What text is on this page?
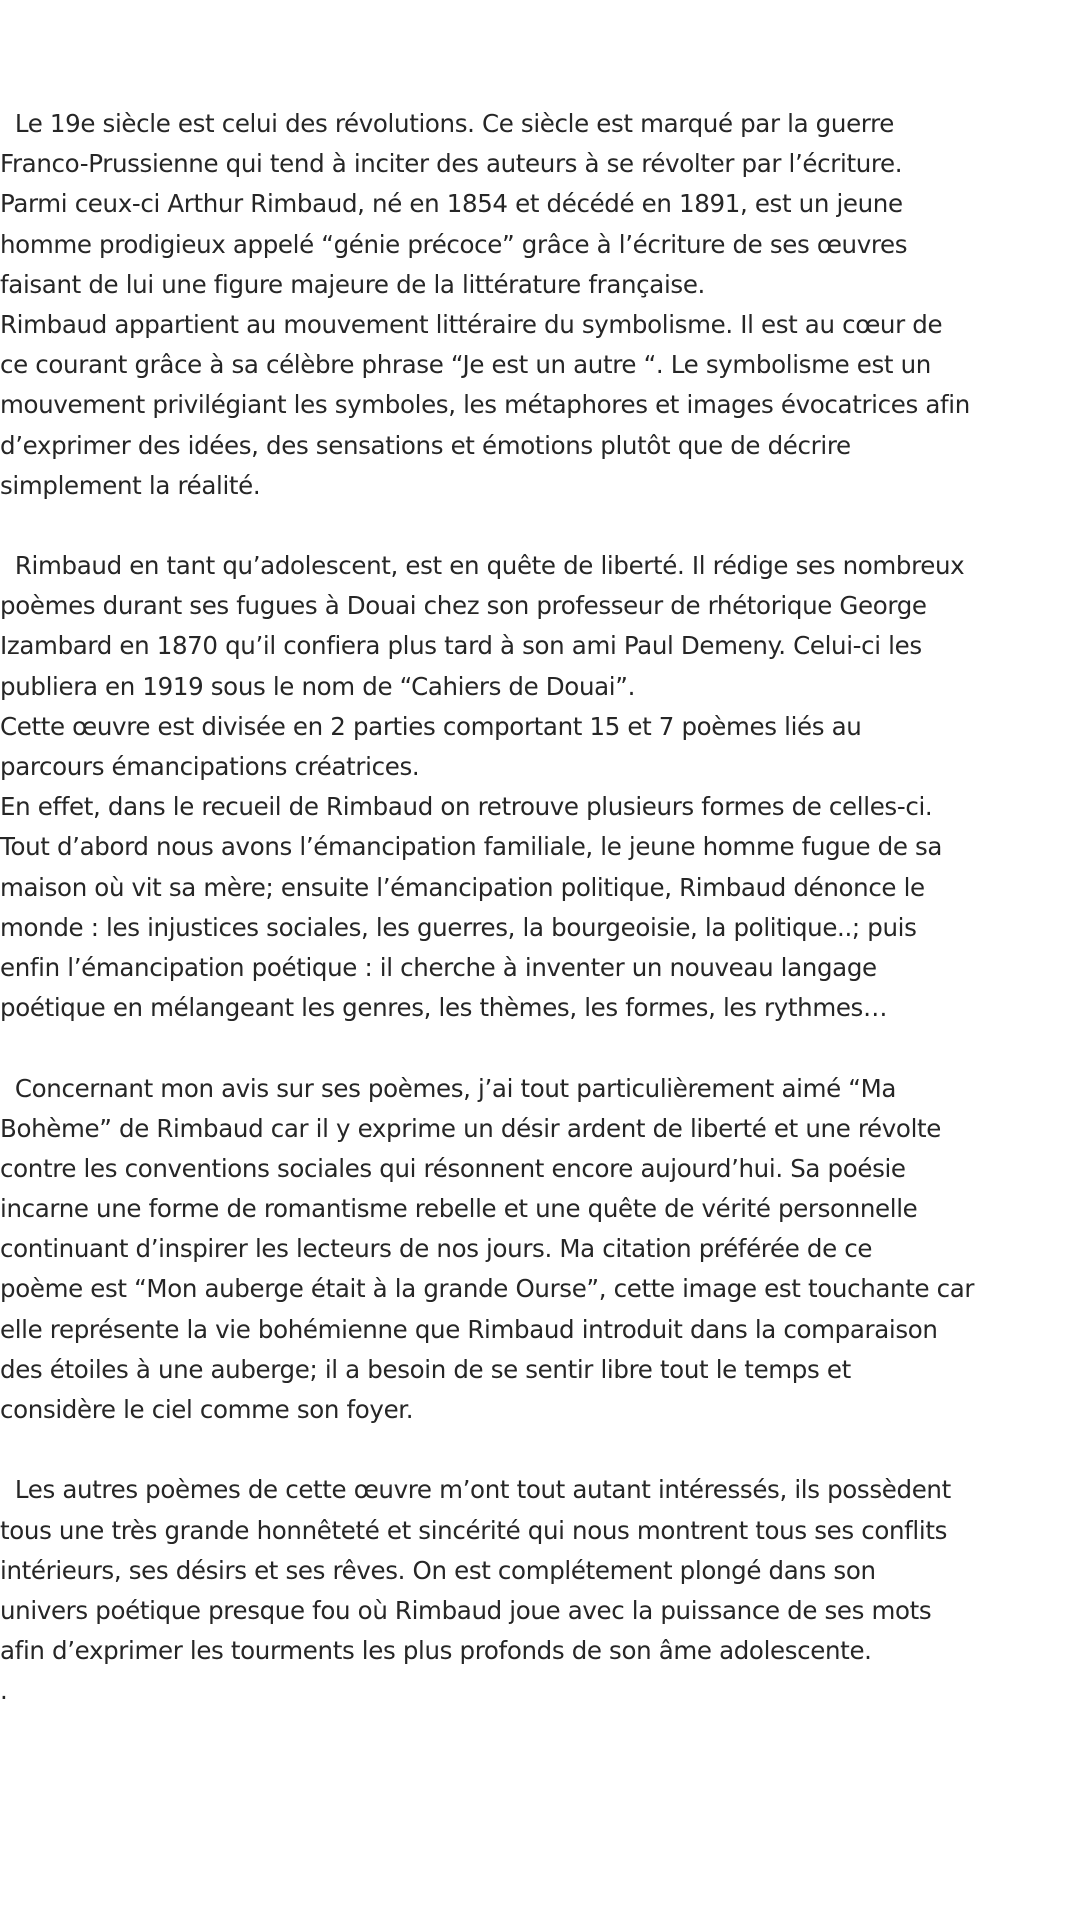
Le 19e siècle est celui des révolutions. Ce siècle est marqué par la guerre
Franco-Prussienne qui tend à inciter des auteurs à se révolter par l’écriture.
Parmi ceux-ci Arthur Rimbaud, né en 1854 et décédé en 1891, est un jeune
homme prodigieux appelé “génie précoce” grâce à l’écriture de ses œuvres
faisant de lui une figure majeure de la littérature française.
Rimbaud appartient au mouvement littéraire du symbolisme. Il est au cœur de
ce courant grâce à sa célèbre phrase “Je est un autre “. Le symbolisme est un
mouvement privilégiant les symboles, les métaphores et images évocatrices afin
d’exprimer des idées, des sensations et émotions plutôt que de décrire
simplement la réalité.
Rimbaud en tant qu’adolescent, est en quête de liberté. Il rédige ses nombreux
poèmes durant ses fugues à Douai chez son professeur de rhétorique George
Izambard en 1870 qu’il confiera plus tard à son ami Paul Demeny. Celui-ci les
publiera en 1919 sous le nom de “Cahiers de Douai”.
Cette œuvre est divisée en 2 parties comportant 15 et 7 poèmes liés au
parcours émancipations créatrices.
En effet, dans le recueil de Rimbaud on retrouve plusieurs formes de celles-ci.
Tout d’abord nous avons l’émancipation familiale, le jeune homme fugue de sa
maison où vit sa mère; ensuite l’émancipation politique, Rimbaud dénonce le
monde : les injustices sociales, les guerres, la bourgeoisie, la politique..; puis
enfin l’émancipation poétique : il cherche à inventer un nouveau langage
poétique en mélangeant les genres, les thèmes, les formes, les rythmes…
Concernant mon avis sur ses poèmes, j’ai tout particulièrement aimé “Ma
Bohème” de Rimbaud car il y exprime un désir ardent de liberté et une révolte
contre les conventions sociales qui résonnent encore aujourd’hui. Sa poésie
incarne une forme de romantisme rebelle et une quête de vérité personnelle
continuant d’inspirer les lecteurs de nos jours. Ma citation préférée de ce
poème est “Mon auberge était à la grande Ourse”, cette image est touchante car
elle représente la vie bohémienne que Rimbaud introduit dans la comparaison
des étoiles à une auberge; il a besoin de se sentir libre tout le temps et
considère le ciel comme son foyer.
Les autres poèmes de cette œuvre m’ont tout autant intéressés, ils possèdent
tous une très grande honnêteté et sincérité qui nous montrent tous ses conflits
intérieurs, ses désirs et ses rêves. On est complétement plongé dans son
univers poétique presque fou où Rimbaud joue avec la puissance de ses mots
afin d’exprimer les tourments les plus profonds de son âme adolescente.
.
